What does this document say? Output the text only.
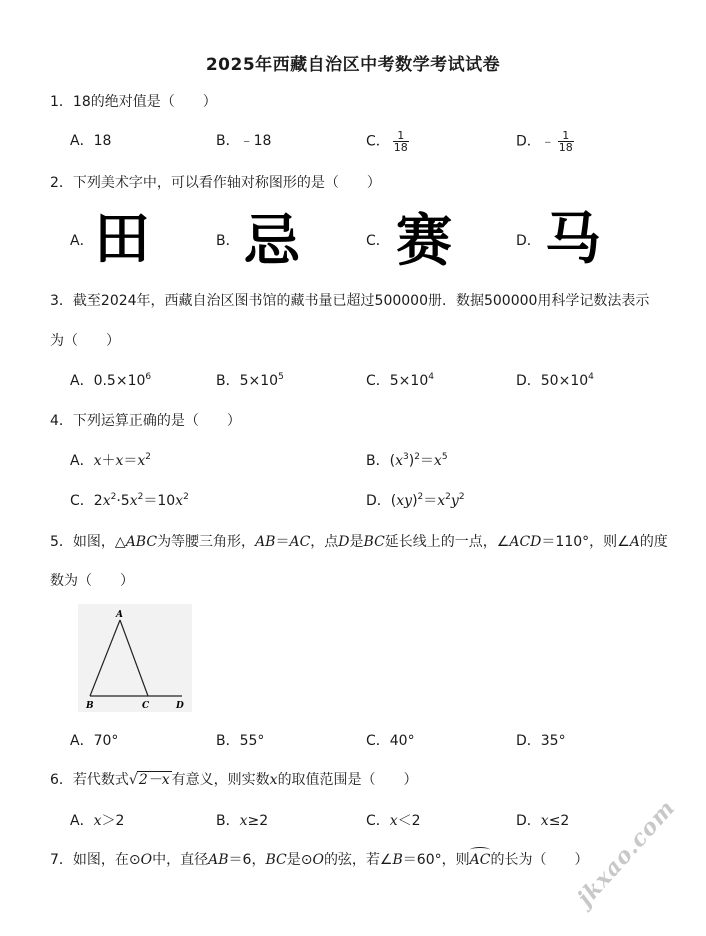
2025年西藏自治区中考数学考试试卷
1．18的绝对值是（　　）
A．18	B．﹣18	C． $\frac{1}{18}$	D．﹣ $\frac{1}{18}$
2．下列美术字中，可以看作轴对称图形的是（　　）
A． 田	B． 忌	C． 赛	D． 马
3．截至2024年，西藏自治区图书馆的藏书量已超过500000册．数据500000用科学记数法表示
为（　　）
A．$0.5\times 10^6$	B．$5\times 10^5$	C．$5\times 10^4$	D．$50\times 10^4$
4．下列运算正确的是（　　）
A．$x+x=x^2$	B．$(x^3)^2=x^5$
C．$2x^2\cdot 5x^2=10x^2$	D．$(xy)^2=x^2y^2$
5．如图，△ABC为等腰三角形，AB＝AC，点D是BC延长线上的一点，∠ACD＝110°，则∠A的度
数为（　　）
A
B	C	D
A．70°	B．55°	C．40°	D．35°
6．若代数式√2－x 有意义，则实数x的取值范围是（　　）
A．x＞2	B．x≥2	C．x＜2	D．x≤2
7．如图，在⊙O中，直径AB＝6，BC是⊙O的弦，若∠B＝60°，则AC的长为（　　）
jkxao.com
